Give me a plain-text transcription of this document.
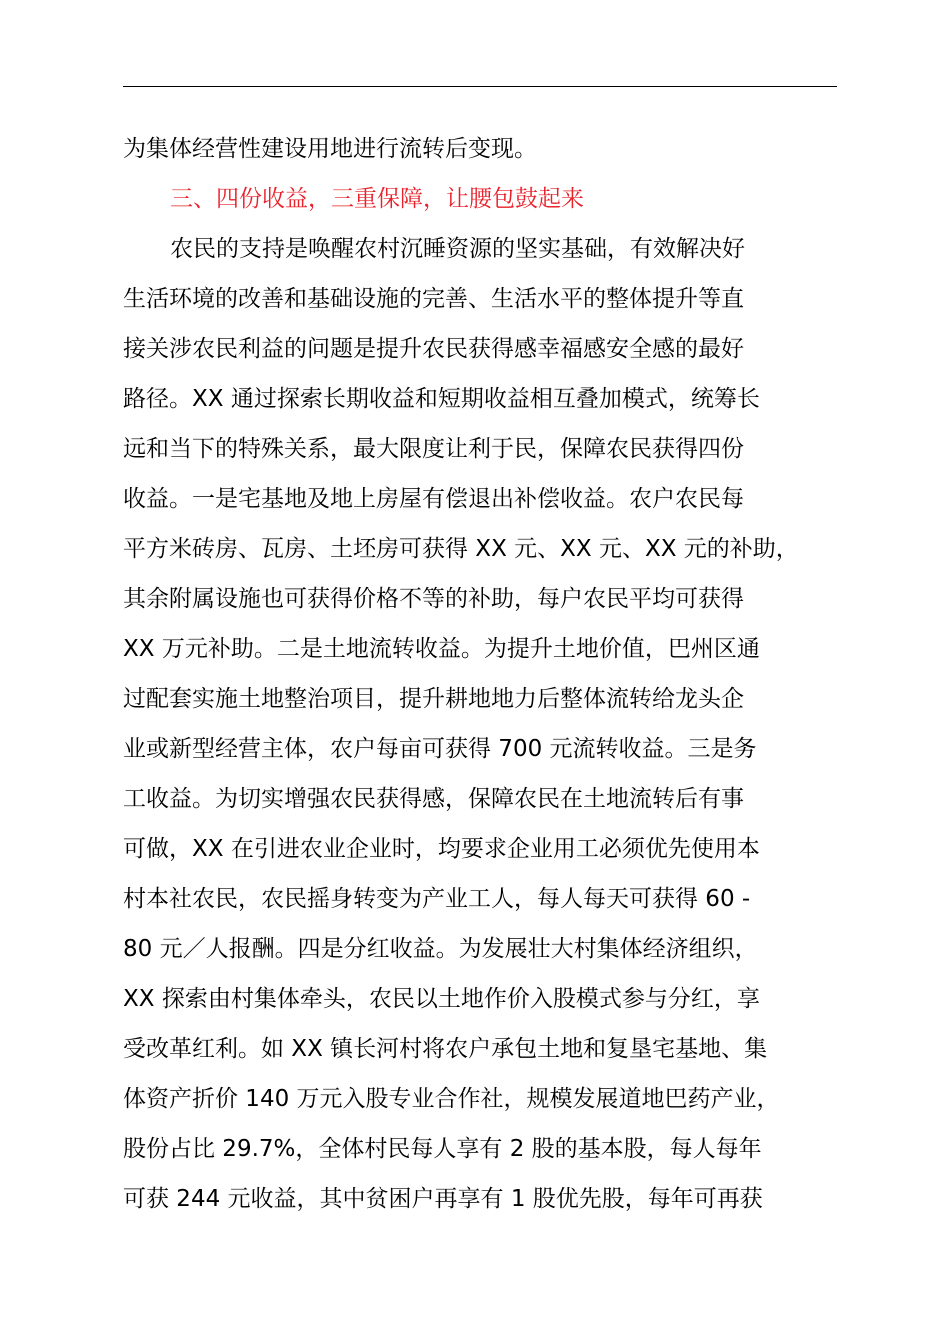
为集体经营性建设用地进行流转后变现。
三、四份收益，三重保障，让腰包鼓起来
农民的支持是唤醒农村沉睡资源的坚实基础，有效解决好
生活环境的改善和基础设施的完善、生活水平的整体提升等直
接关涉农民利益的问题是提升农民获得感幸福感安全感的最好
路径。XX 通过探索长期收益和短期收益相互叠加模式，统筹长
远和当下的特殊关系，最大限度让利于民，保障农民获得四份
收益。一是宅基地及地上房屋有偿退出补偿收益。农户农民每
平方米砖房、瓦房、土坯房可获得 XX 元、XX 元、XX 元的补助，
其余附属设施也可获得价格不等的补助，每户农民平均可获得
XX 万元补助。二是土地流转收益。为提升土地价值，巴州区通
过配套实施土地整治项目，提升耕地地力后整体流转给龙头企
业或新型经营主体，农户每亩可获得 700 元流转收益。三是务
工收益。为切实增强农民获得感，保障农民在土地流转后有事
可做，XX 在引进农业企业时，均要求企业用工必须优先使用本
村本社农民，农民摇身转变为产业工人，每人每天可获得 60 -
80 元／人报酬。四是分红收益。为发展壮大村集体经济组织，
XX 探索由村集体牵头，农民以土地作价入股模式参与分红，享
受改革红利。如 XX 镇长河村将农户承包土地和复垦宅基地、集
体资产折价 140 万元入股专业合作社，规模发展道地巴药产业，
股份占比 29.7%，全体村民每人享有 2 股的基本股，每人每年
可获 244 元收益，其中贫困户再享有 1 股优先股，每年可再获
